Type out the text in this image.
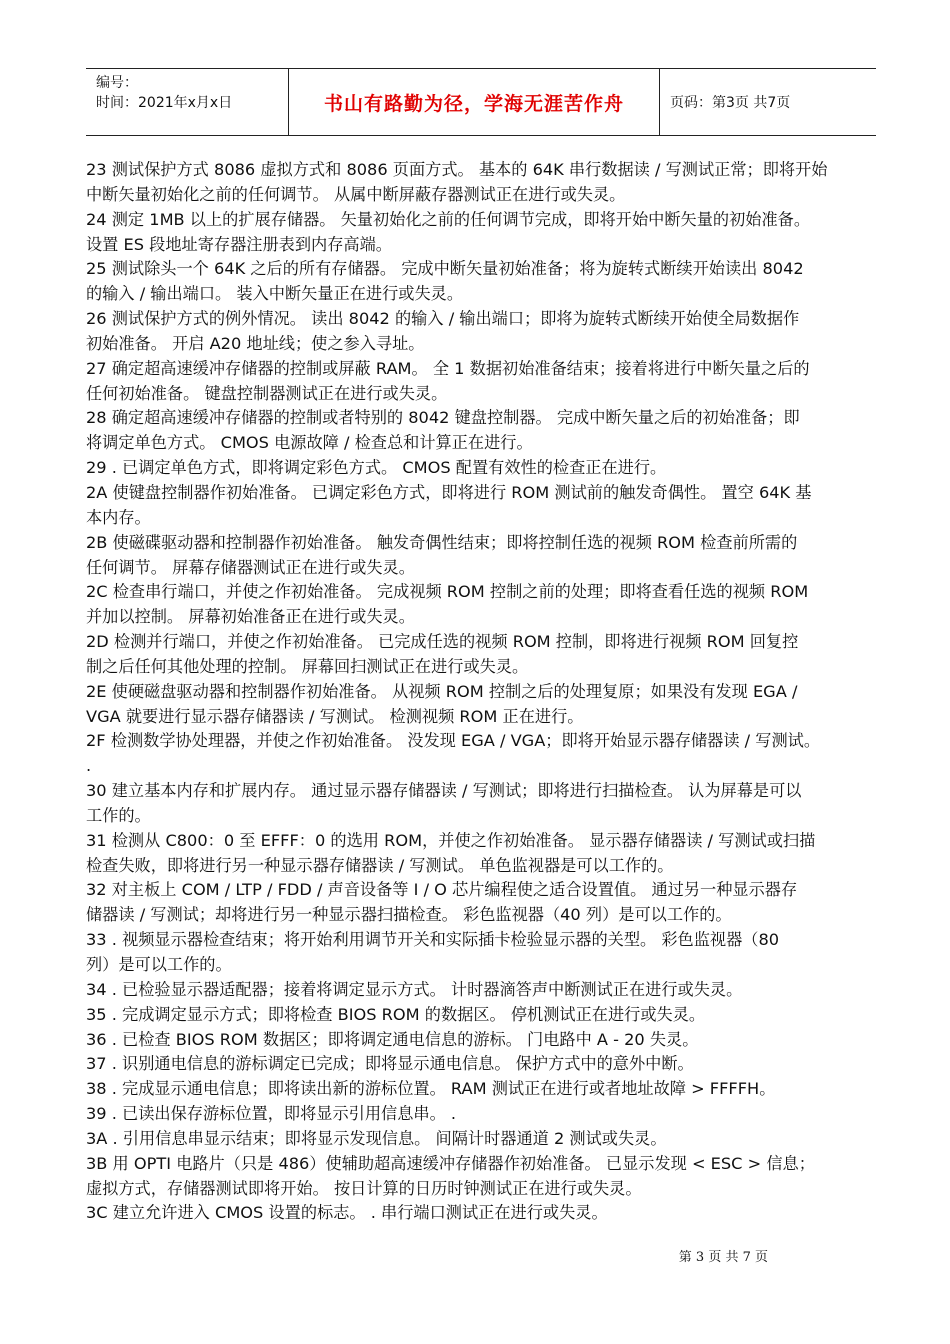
编号：
时间：2021年x月x日	书山有路勤为径，学海无涯苦作舟	页码：第3页 共7页

23 测试保护方式 8086 虚拟方式和 8086 页面方式。 基本的 64K 串行数据读 / 写测试正常；即将开始

中断矢量初始化之前的任何调节。 从属中断屏蔽存器测试正在进行或失灵。

24 测定 1MB 以上的扩展存储器。 矢量初始化之前的任何调节完成，即将开始中断矢量的初始准备。

设置 ES 段地址寄存器注册表到内存高端。

25 测试除头一个 64K 之后的所有存储器。 完成中断矢量初始准备；将为旋转式断续开始读出 8042

的输入 / 输出端口。 装入中断矢量正在进行或失灵。

26 测试保护方式的例外情况。 读出 8042 的输入 / 输出端口；即将为旋转式断续开始使全局数据作

初始准备。 开启 A20 地址线；使之参入寻址。

27 确定超高速缓冲存储器的控制或屏蔽 RAM。 全 1 数据初始准备结束；接着将进行中断矢量之后的

任何初始准备。 键盘控制器测试正在进行或失灵。

28 确定超高速缓冲存储器的控制或者特别的 8042 键盘控制器。 完成中断矢量之后的初始准备；即

将调定单色方式。 CMOS 电源故障 / 检查总和计算正在进行。

29 . 已调定单色方式，即将调定彩色方式。 CMOS 配置有效性的检查正在进行。

2A 使键盘控制器作初始准备。 已调定彩色方式，即将进行 ROM 测试前的触发奇偶性。 置空 64K 基

本内存。

2B 使磁碟驱动器和控制器作初始准备。 触发奇偶性结束；即将控制任选的视频 ROM 检查前所需的

任何调节。 屏幕存储器测试正在进行或失灵。

2C 检查串行端口，并使之作初始准备。 完成视频 ROM 控制之前的处理；即将查看任选的视频 ROM

并加以控制。 屏幕初始准备正在进行或失灵。

2D 检测并行端口，并使之作初始准备。 已完成任选的视频 ROM 控制，即将进行视频 ROM 回复控

制之后任何其他处理的控制。 屏幕回扫测试正在进行或失灵。

2E 使硬磁盘驱动器和控制器作初始准备。 从视频 ROM 控制之后的处理复原；如果没有发现 EGA /

VGA 就要进行显示器存储器读 / 写测试。 检测视频 ROM 正在进行。

2F 检测数学协处理器，并使之作初始准备。 没发现 EGA / VGA；即将开始显示器存储器读 / 写测试。

.

30 建立基本内存和扩展内存。 通过显示器存储器读 / 写测试；即将进行扫描检查。 认为屏幕是可以

工作的。

31 检测从 C800：0 至 EFFF：0 的选用 ROM，并使之作初始准备。 显示器存储器读 / 写测试或扫描

检查失败，即将进行另一种显示器存储器读 / 写测试。 单色监视器是可以工作的。

32 对主板上 COM / LTP / FDD / 声音设备等 I / O 芯片编程使之适合设置值。 通过另一种显示器存

储器读 / 写测试；却将进行另一种显示器扫描检查。 彩色监视器（40 列）是可以工作的。

33 . 视频显示器检查结束；将开始利用调节开关和实际插卡检验显示器的关型。 彩色监视器（80

列）是可以工作的。

34 . 已检验显示器适配器；接着将调定显示方式。 计时器滴答声中断测试正在进行或失灵。

35 . 完成调定显示方式；即将检查 BIOS ROM 的数据区。 停机测试正在进行或失灵。

36 . 已检查 BIOS ROM 数据区；即将调定通电信息的游标。 门电路中 A - 20 失灵。

37 . 识别通电信息的游标调定已完成；即将显示通电信息。 保护方式中的意外中断。

38 . 完成显示通电信息；即将读出新的游标位置。 RAM 测试正在进行或者地址故障 > FFFFH。

39 . 已读出保存游标位置，即将显示引用信息串。 .

3A . 引用信息串显示结束；即将显示发现信息。 间隔计时器通道 2 测试或失灵。

3B 用 OPTI 电路片（只是 486）使辅助超高速缓冲存储器作初始准备。 已显示发现 < ESC > 信息；

虚拟方式，存储器测试即将开始。 按日计算的日历时钟测试正在进行或失灵。

3C 建立允许进入 CMOS 设置的标志。 . 串行端口测试正在进行或失灵。

第 3 页 共 7 页
